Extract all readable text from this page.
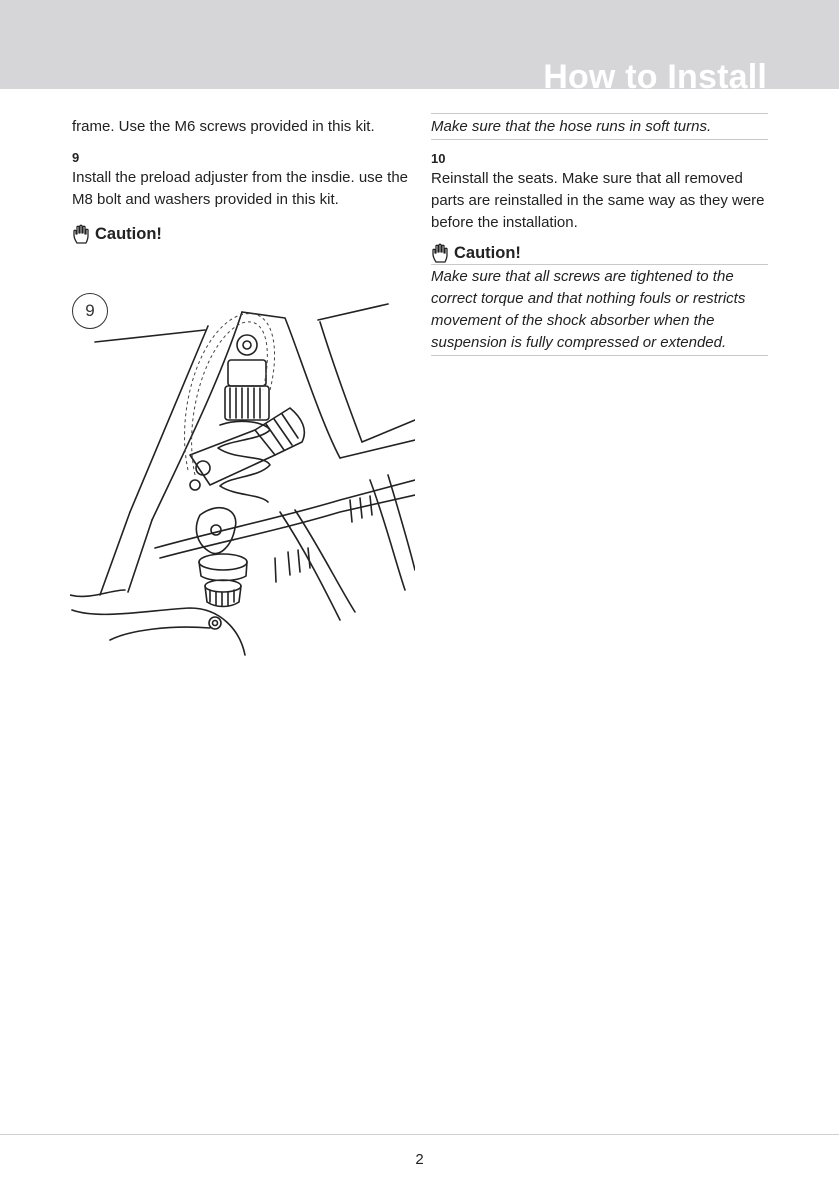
How to Install

frame. Use the M6 screws provided in this kit.

9

Install the preload adjuster from the insdie. use the M8 bolt and washers provided in this kit.

Caution!
9

Make sure that the hose runs in soft turns.

10

Reinstall the seats. Make sure that all removed parts are reinstalled in the same way as they were before the installation.

Caution!

Make sure that all screws are tightened to the correct torque and that nothing fouls or restricts movement of the shock absorber when the suspension is fully compressed or extended.

2
